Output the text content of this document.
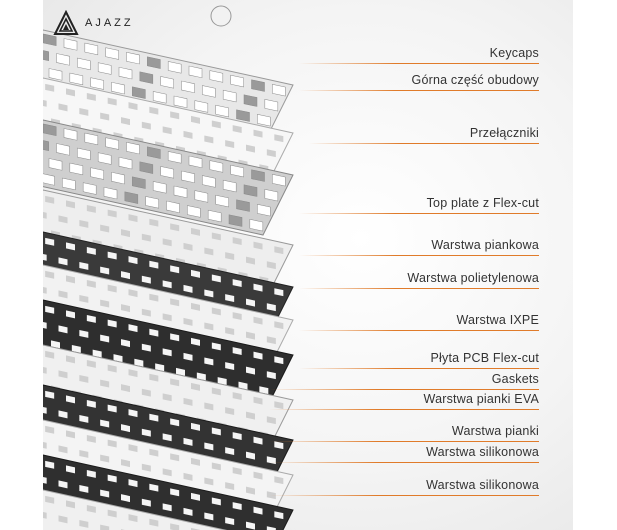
AJAZZ
Keycaps
Górna część obudowy
Przełączniki
Top plate z Flex-cut
Warstwa piankowa
Warstwa polietylenowa
Warstwa IXPE
Płyta PCB Flex-cut
Gaskets
Warstwa pianki EVA
Warstwa pianki
Warstwa silikonowa
Warstwa silikonowa
